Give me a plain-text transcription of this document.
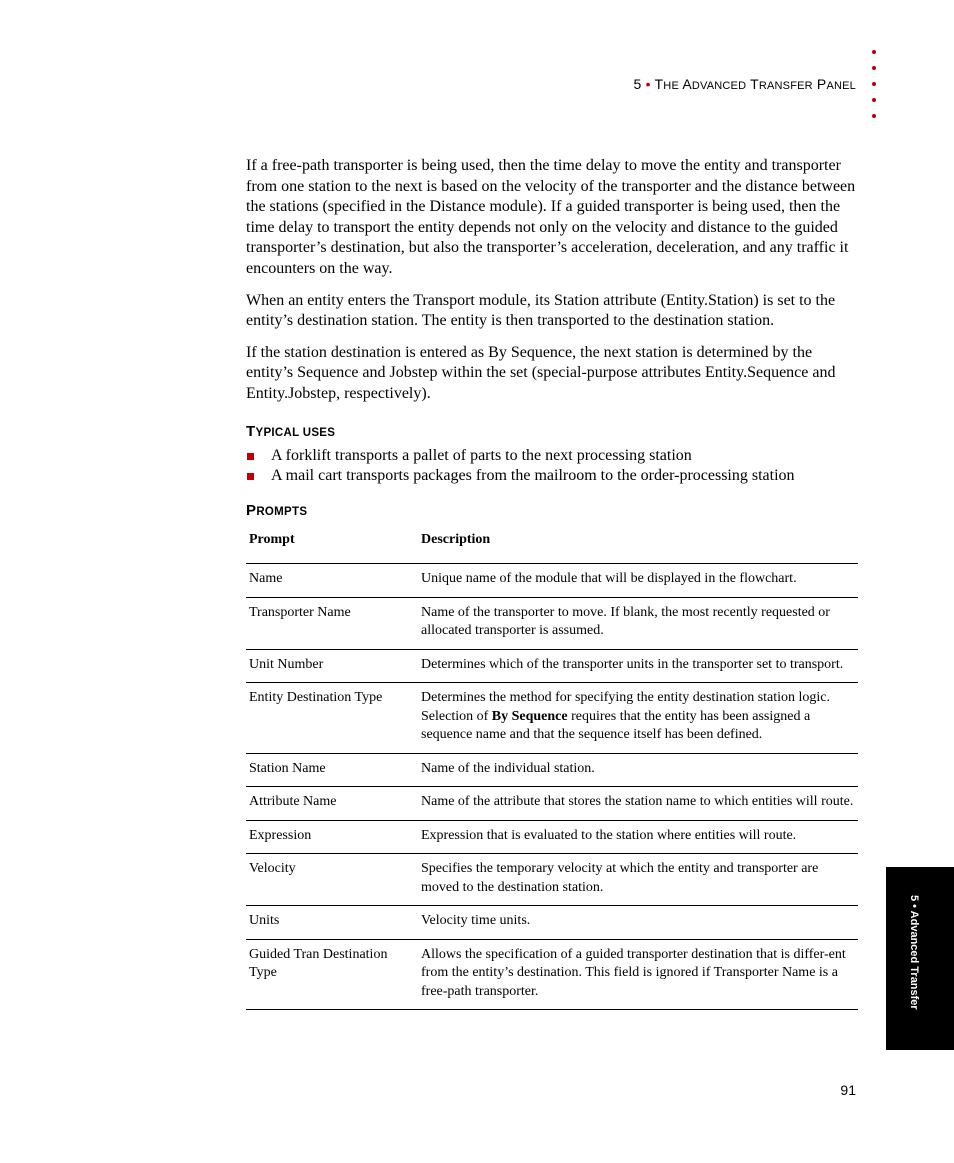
5 • THE ADVANCED TRANSFER PANEL

If a free-path transporter is being used, then the time delay to move the entity and transporter from one station to the next is based on the velocity of the transporter and the distance between the stations (specified in the Distance module). If a guided transporter is being used, then the time delay to transport the entity depends not only on the velocity and distance to the guided transporter’s destination, but also the transporter’s acceleration, deceleration, and any traffic it encounters on the way.

When an entity enters the Transport module, its Station attribute (Entity.Station) is set to the entity’s destination station. The entity is then transported to the destination station.

If the station destination is entered as By Sequence, the next station is determined by the entity’s Sequence and Jobstep within the set (special-purpose attributes Entity.Sequence and Entity.Jobstep, respectively).

TYPICAL USES
A forklift transports a pallet of parts to the next processing station
A mail cart transports packages from the mailroom to the order-processing station
PROMPTS
Prompt	Description
Name	Unique name of the module that will be displayed in the flowchart.
Transporter Name	Name of the transporter to move. If blank, the most recently requested or allocated transporter is assumed.
Unit Number	Determines which of the transporter units in the transporter set to transport.
Entity Destination Type	Determines the method for specifying the entity destination station logic. Selection of By Sequence requires that the entity has been assigned a sequence name and that the sequence itself has been defined.
Station Name	Name of the individual station.
Attribute Name	Name of the attribute that stores the station name to which entities will route.
Expression	Expression that is evaluated to the station where entities will route.
Velocity	Specifies the temporary velocity at which the entity and transporter are moved to the destination station.
Units	Velocity time units.
Guided Tran Destination Type	Allows the specification of a guided transporter destination that is differ-ent from the entity’s destination. This field is ignored if Transporter Name is a free-path transporter.	5 • Advanced Transfer
91
